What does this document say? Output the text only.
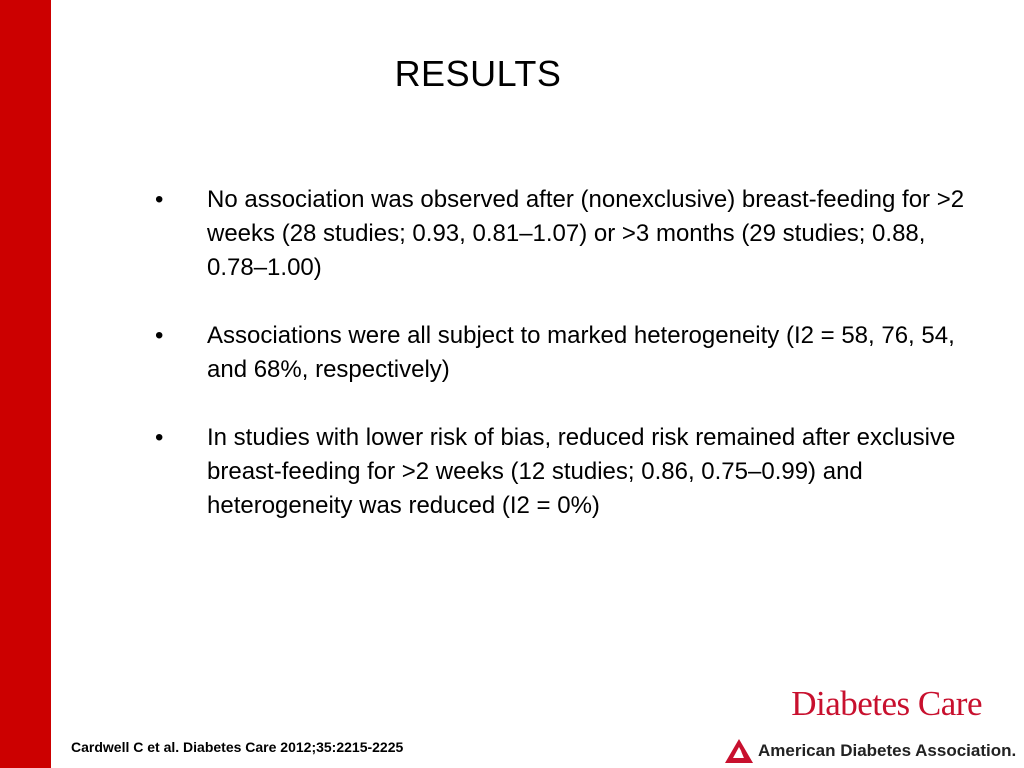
RESULTS
•	No association was observed after (nonexclusive) breast-feeding for >2 weeks (28 studies; 0.93, 0.81–1.07) or >3 months (29 studies; 0.88, 0.78–1.00)
•	Associations were all subject to marked heterogeneity (I2 = 58, 76, 54, and 68%, respectively)
•	In studies with lower risk of bias, reduced risk remained after exclusive breast-feeding for >2 weeks (12 studies; 0.86, 0.75–0.99) and heterogeneity was reduced (I2 = 0%)
Cardwell C et al. Diabetes Care 2012;35:2215-2225
Diabetes Care
American Diabetes Association.
